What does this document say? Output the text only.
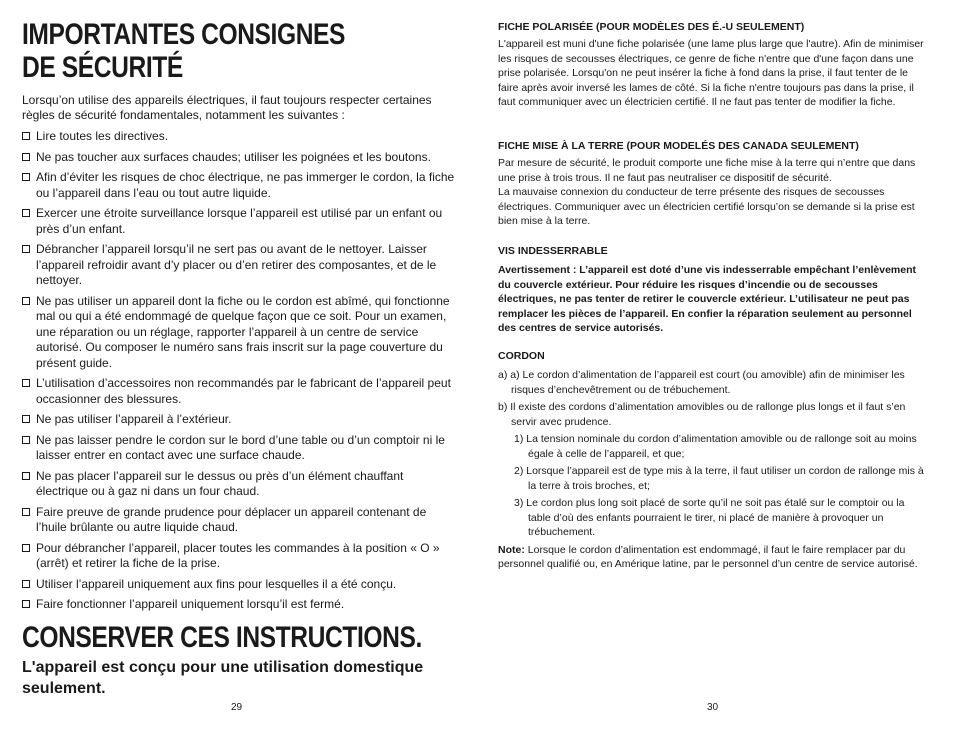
IMPORTANTES CONSIGNES
DE SÉCURITÉ
Lorsqu’on utilise des appareils électriques, il faut toujours respecter certaines règles de sécurité fondamentales, notamment les suivantes :
Lire toutes les directives.
Ne pas toucher aux surfaces chaudes; utiliser les poignées et les boutons.
Afin d’éviter les risques de choc électrique, ne pas immerger le cordon, la fiche ou l’appareil dans l’eau ou tout autre liquide.
Exercer une étroite surveillance lorsque l’appareil est utilisé par un enfant ou près d’un enfant.
Débrancher l’appareil lorsqu’il ne sert pas ou avant de le nettoyer. Laisser l’appareil refroidir avant d’y placer ou d’en retirer des composantes, et de le nettoyer.
Ne pas utiliser un appareil dont la fiche ou le cordon est abîmé, qui fonctionne mal ou qui a été endommagé de quelque façon que ce soit. Pour un examen, une réparation ou un réglage, rapporter l’appareil à un centre de service autorisé. Ou composer le numéro sans frais inscrit sur la page couverture du présent guide.
L’utilisation d’accessoires non recommandés par le fabricant de l’appareil peut occasionner des blessures.
Ne pas utiliser l’appareil à l’extérieur.
Ne pas laisser pendre le cordon sur le bord d’une table ou d’un comptoir ni le laisser entrer en contact avec une surface chaude.
Ne pas placer l’appareil sur le dessus ou près d’un élément chauffant électrique ou à gaz ni dans un four chaud.
Faire preuve de grande prudence pour déplacer un appareil contenant de l’huile brûlante ou autre liquide chaud.
Pour débrancher l’appareil, placer toutes les commandes à la position « O » (arrêt) et retirer la fiche de la prise.
Utiliser l’appareil uniquement aux fins pour lesquelles il a été conçu.
Faire fonctionner l’appareil uniquement lorsqu’il est fermé.
CONSERVER CES INSTRUCTIONS.
L'appareil est conçu pour une utilisation domestique seulement.
29
FICHE POLARISÉE (POUR MODÈLES DES É.-U SEULEMENT)
L'appareil est muni d'une fiche polarisée (une lame plus large que l'autre). Afin de minimiser les risques de secousses électriques, ce genre de fiche n'entre que d'une façon dans une prise polarisée. Lorsqu'on ne peut insérer la fiche à fond dans la prise, il faut tenter de le faire après avoir inversé les lames de côté. Si la fiche n'entre toujours pas dans la prise, il faut communiquer avec un électricien certifié. Il ne faut pas tenter de modifier la fiche.
FICHE MISE À LA TERRE (POUR MODELÉS DES CANADA SEULEMENT)
Par mesure de sécurité, le produit comporte une fiche mise à la terre qui n’entre que dans une prise à trois trous. Il ne faut pas neutraliser ce dispositif de sécurité.
La mauvaise connexion du conducteur de terre présente des risques de secousses électriques. Communiquer avec un électricien certifié lorsqu’on se demande si la prise est bien mise à la terre.
VIS INDESSERRABLE
Avertissement : L’appareil est doté d’une vis indesserrable empêchant l’enlèvement du couvercle extérieur. Pour réduire les risques d’incendie ou de secousses électriques, ne pas tenter de retirer le couvercle extérieur. L’utilisateur ne peut pas remplacer les pièces de l’appareil. En confier la réparation seulement au personnel des centres de service autorisés.
CORDON
a) a) Le cordon d’alimentation de l’appareil est court (ou amovible) afin de minimiser les risques d’enchevêtrement ou de trébuchement.
b) Il existe des cordons d’alimentation amovibles ou de rallonge plus longs et il faut s’en servir avec prudence.
1) La tension nominale du cordon d’alimentation amovible ou de rallonge soit au moins égale à celle de l’appareil, et que;
2) Lorsque l’appareil est de type mis à la terre, il faut utiliser un cordon de rallonge mis à la terre à trois broches, et;
3) Le cordon plus long soit placé de sorte qu’il ne soit pas étalé sur le comptoir ou la table d’où des enfants pourraient le tirer, ni placé de manière à provoquer un trébuchement.
Note: Lorsque le cordon d’alimentation est endommagé, il faut le faire remplacer par du personnel qualifié ou, en Amérique latine, par le personnel d’un centre de service autorisé.
30
